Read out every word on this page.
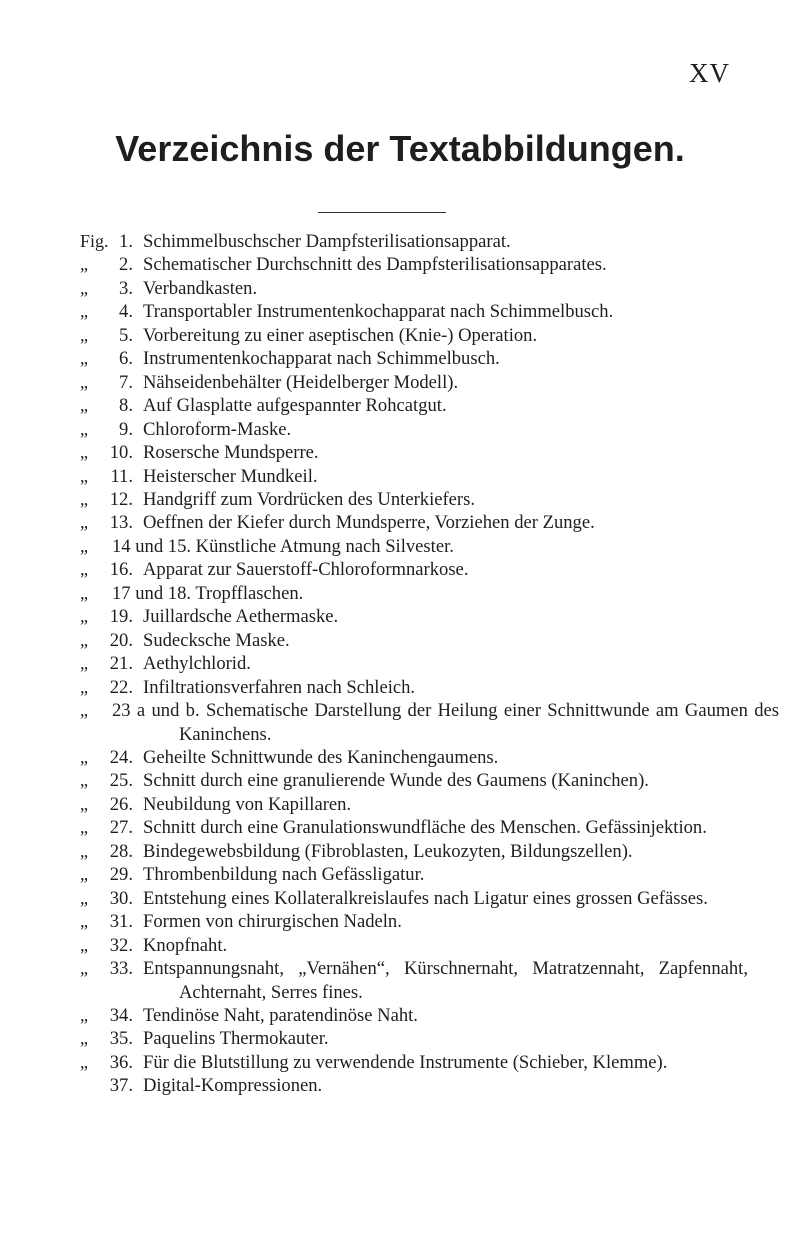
XV
Verzeichnis der Textabbildungen.
Fig. 1. Schimmelbuschscher Dampfsterilisationsapparat.
„	2. Schematischer Durchschnitt des Dampfsterilisationsapparates.
„	3. Verbandkasten.
„	4. Transportabler Instrumentenkochapparat nach Schimmelbusch.
„	5. Vorbereitung zu einer aseptischen (Knie-) Operation.
„	6. Instrumentenkochapparat nach Schimmelbusch.
„	7. Nähseidenbehälter (Heidelberger Modell).
„	8. Auf Glasplatte aufgespannter Rohcatgut.
„	9. Chloroform-Maske.
„	10. Rosersche Mundsperre.
„	11. Heisterscher Mundkeil.
„	12. Handgriff zum Vordrücken des Unterkiefers.
„	13. Oeffnen der Kiefer durch Mundsperre, Vorziehen der Zunge.
„ 14 und 15. Künstliche Atmung nach Silvester.
„	16. Apparat zur Sauerstoff-Chloroformnarkose.
„ 17 und 18. Tropfflaschen.
„	19. Juillardsche Aethermaske.
„	20. Sudecksche Maske.
„	21. Aethylchlorid.
„	22. Infiltrationsverfahren nach Schleich.
„ 23 a und b. Schematische Darstellung der Heilung einer Schnittwunde am Gaumen des Kaninchens.
„	24. Geheilte Schnittwunde des Kaninchengaumens.
„	25. Schnitt durch eine granulierende Wunde des Gaumens (Kaninchen).
„	26. Neubildung von Kapillaren.
„	27. Schnitt durch eine Granulationswundfläche des Menschen. Gefässinjektion.
„	28. Bindegewebsbildung (Fibroblasten, Leukozyten, Bildungszellen).
„	29. Thrombenbildung nach Gefässligatur.
„	30. Entstehung eines Kollateralkreislaufes nach Ligatur eines grossen Gefässes.
„	31. Formen von chirurgischen Nadeln.
„	32. Knopfnaht.
„	33. Entspannungsnaht, „Vernähen“, Kürschnernaht, Matratzennaht, Zapfennaht, Achternaht, Serres fines.
„	34. Tendinöse Naht, paratendinöse Naht.
„	35. Paquelins Thermokauter.
„	36. Für die Blutstillung zu verwendende Instrumente (Schieber, Klemme).
37. Digital-Kompressionen.
